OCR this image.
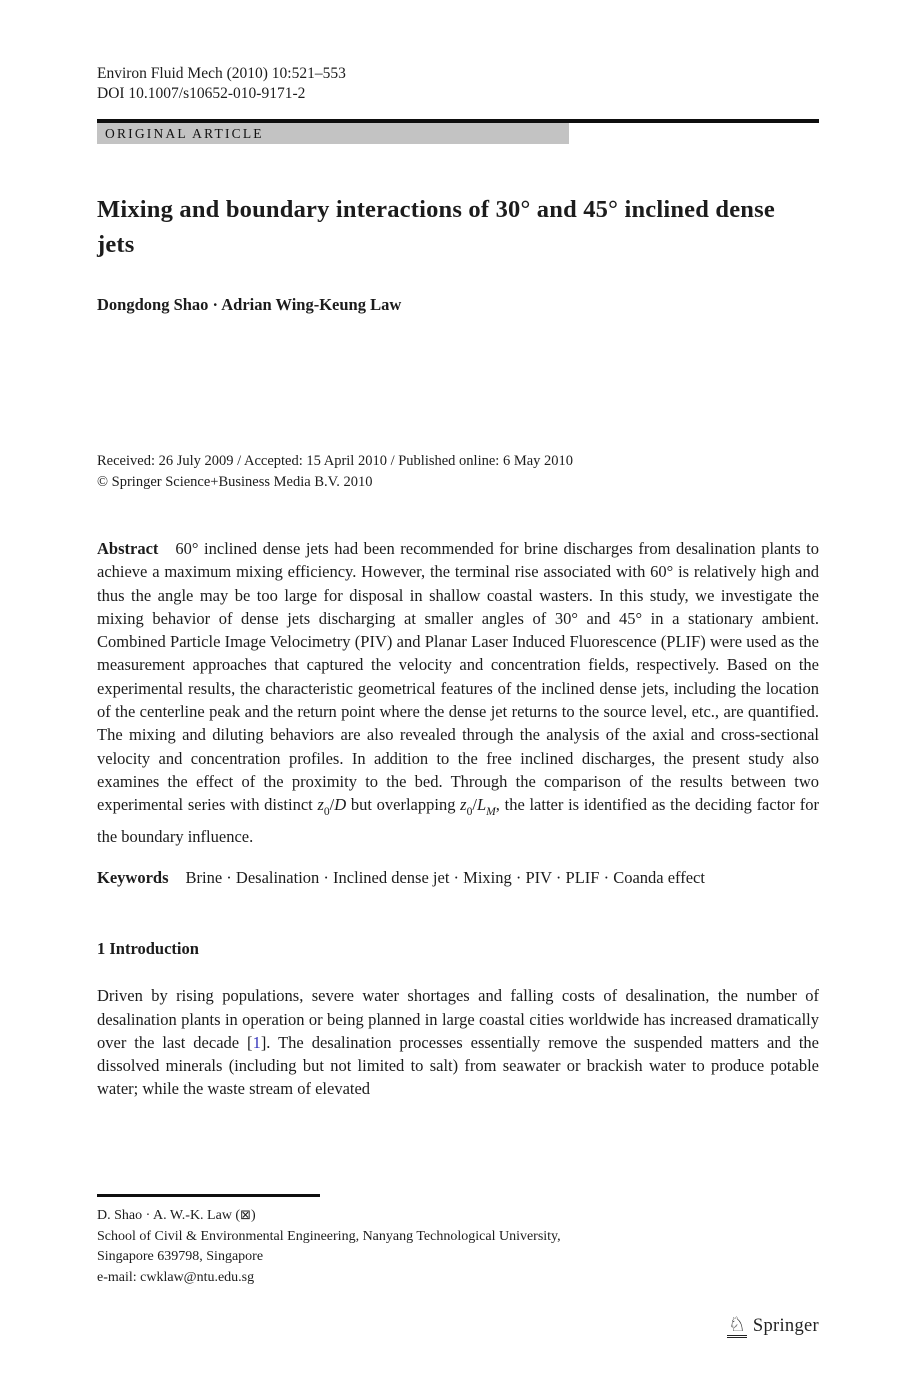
Environ Fluid Mech (2010) 10:521–553
DOI 10.1007/s10652-010-9171-2
ORIGINAL ARTICLE
Mixing and boundary interactions of 30° and 45° inclined dense jets
Dongdong Shao · Adrian Wing-Keung Law
Received: 26 July 2009 / Accepted: 15 April 2010 / Published online: 6 May 2010
© Springer Science+Business Media B.V. 2010
Abstract 60° inclined dense jets had been recommended for brine discharges from desalination plants to achieve a maximum mixing efficiency. However, the terminal rise associated with 60° is relatively high and thus the angle may be too large for disposal in shallow coastal wasters. In this study, we investigate the mixing behavior of dense jets discharging at smaller angles of 30° and 45° in a stationary ambient. Combined Particle Image Velocimetry (PIV) and Planar Laser Induced Fluorescence (PLIF) were used as the measurement approaches that captured the velocity and concentration fields, respectively. Based on the experimental results, the characteristic geometrical features of the inclined dense jets, including the location of the centerline peak and the return point where the dense jet returns to the source level, etc., are quantified. The mixing and diluting behaviors are also revealed through the analysis of the axial and cross-sectional velocity and concentration profiles. In addition to the free inclined discharges, the present study also examines the effect of the proximity to the bed. Through the comparison of the results between two experimental series with distinct $z_0/D$ but overlapping $z_0/L_M$, the latter is identified as the deciding factor for the boundary influence.
Keywords Brine · Desalination · Inclined dense jet · Mixing · PIV · PLIF · Coanda effect
1 Introduction
Driven by rising populations, severe water shortages and falling costs of desalination, the number of desalination plants in operation or being planned in large coastal cities worldwide has increased dramatically over the last decade [1]. The desalination processes essentially remove the suspended matters and the dissolved minerals (including but not limited to salt) from seawater or brackish water to produce potable water; while the waste stream of elevated
D. Shao · A. W.-K. Law (⊠)
School of Civil & Environmental Engineering, Nanyang Technological University,
Singapore 639798, Singapore
e-mail: cwklaw@ntu.edu.sg
♘ Springer
